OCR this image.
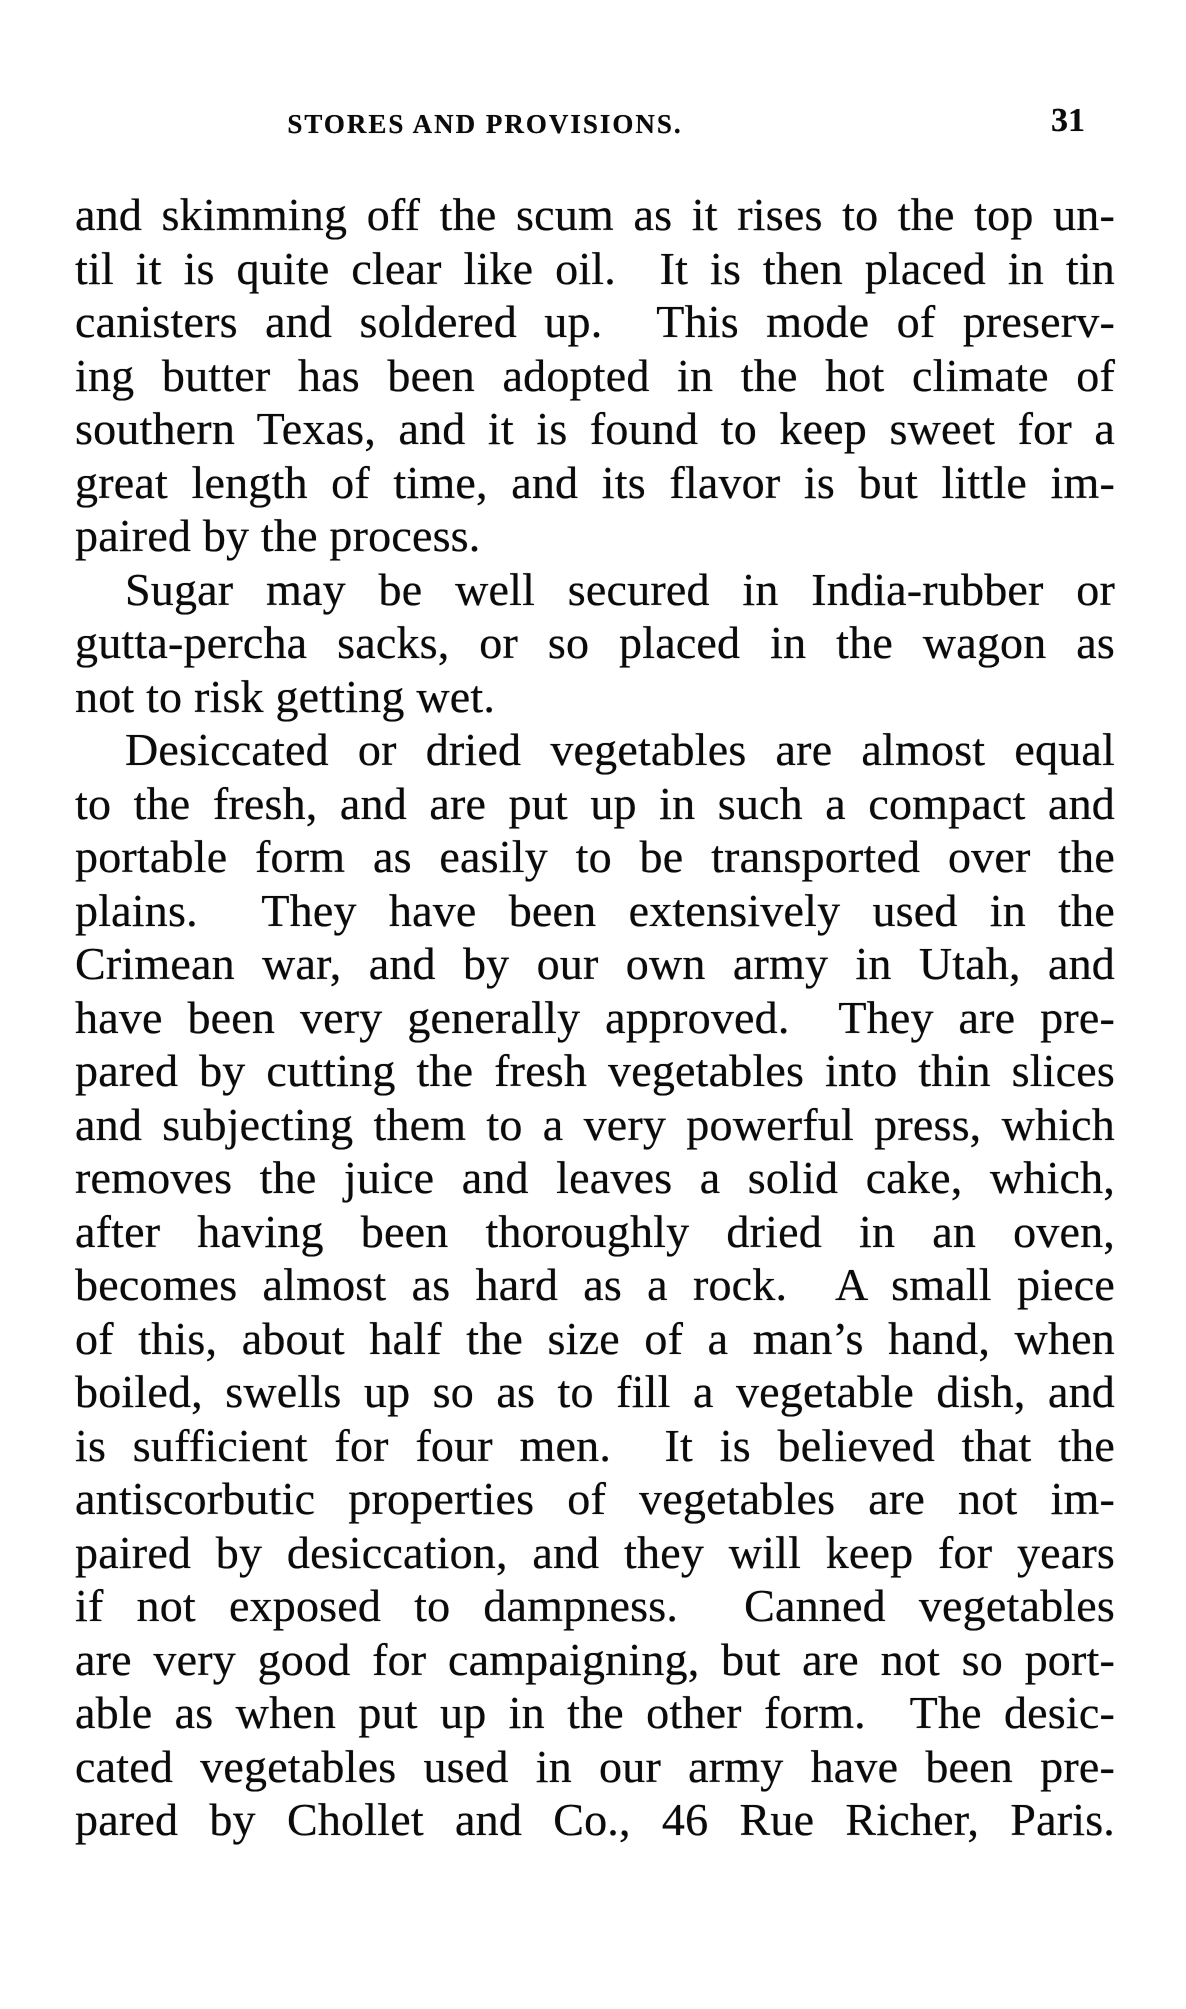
STORES AND PROVISIONS.	31
and skimming off the scum as it rises to the top un-
til it is quite clear like oil.  It is then placed in tin
canisters and soldered up.  This mode of preserv-
ing butter has been adopted in the hot climate of
southern Texas, and it is found to keep sweet for a
great length of time, and its flavor is but little im-
paired by the process.
Sugar may be well secured in India-rubber or
gutta-percha sacks, or so placed in the wagon as
not to risk getting wet.
Desiccated or dried vegetables are almost equal
to the fresh, and are put up in such a compact and
portable form as easily to be transported over the
plains.  They have been extensively used in the
Crimean war, and by our own army in Utah, and
have been very generally approved.  They are pre-
pared by cutting the fresh vegetables into thin slices
and subjecting them to a very powerful press, which
removes the juice and leaves a solid cake, which,
after having been thoroughly dried in an oven,
becomes almost as hard as a rock.  A small piece
of this, about half the size of a man’s hand, when
boiled, swells up so as to fill a vegetable dish, and
is sufficient for four men.  It is believed that the
antiscorbutic properties of vegetables are not im-
paired by desiccation, and they will keep for years
if not exposed to dampness.  Canned vegetables
are very good for campaigning, but are not so port-
able as when put up in the other form.  The desic-
cated vegetables used in our army have been pre-
pared by Chollet and Co., 46 Rue Richer, Paris.
